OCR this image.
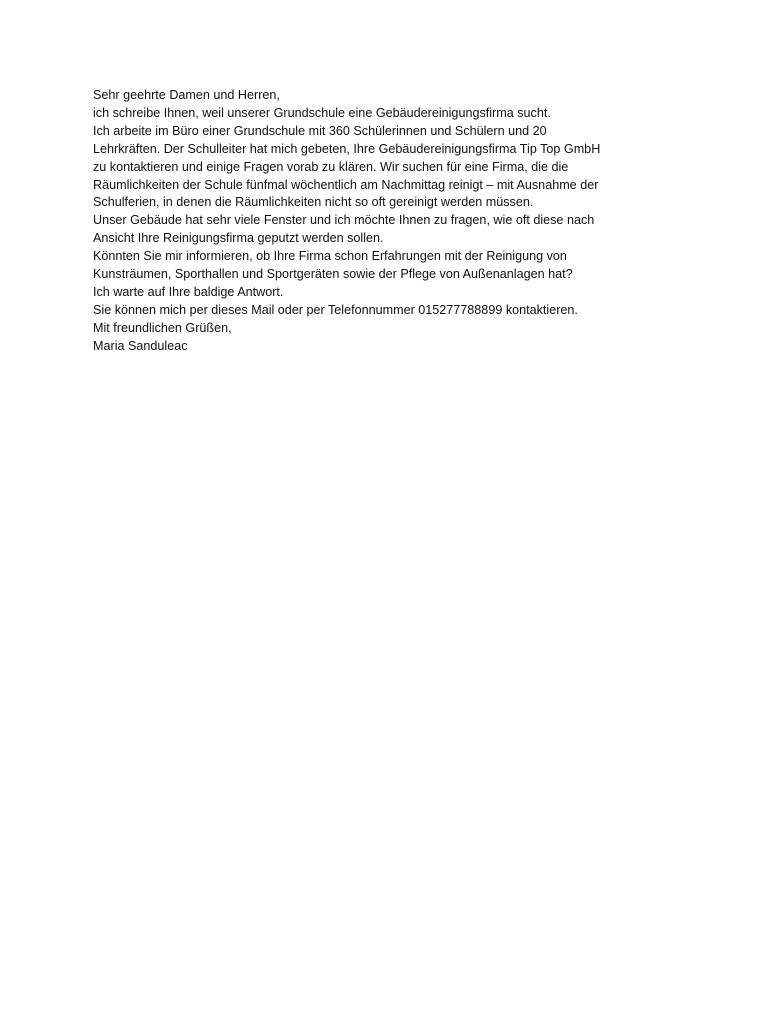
Sehr geehrte Damen und Herren,
ich schreibe Ihnen, weil unserer Grundschule eine Gebäudereinigungsfirma sucht.
Ich arbeite im Büro einer Grundschule mit 360 Schülerinnen und Schülern und 20
Lehrkräften. Der Schulleiter hat mich gebeten, Ihre Gebäudereinigungsfirma Tip Top GmbH
zu kontaktieren und einige Fragen vorab zu klären. Wir suchen für eine Firma, die die
Räumlichkeiten der Schule fünfmal wöchentlich am Nachmittag reinigt – mit Ausnahme der
Schulferien, in denen die Räumlichkeiten nicht so oft gereinigt werden müssen.
Unser Gebäude hat sehr viele Fenster und ich möchte Ihnen zu fragen, wie oft diese nach
Ansicht Ihre Reinigungsfirma geputzt werden sollen.
Könnten Sie mir informieren, ob Ihre Firma schon Erfahrungen mit der Reinigung von
Kunsträumen, Sporthallen und Sportgeräten sowie der Pflege von Außenanlagen hat?
Ich warte auf Ihre baldige Antwort.
Sie können mich per dieses Mail oder per Telefonnummer 015277788899 kontaktieren.
Mit freundlichen Grüßen,
Maria Sanduleac
